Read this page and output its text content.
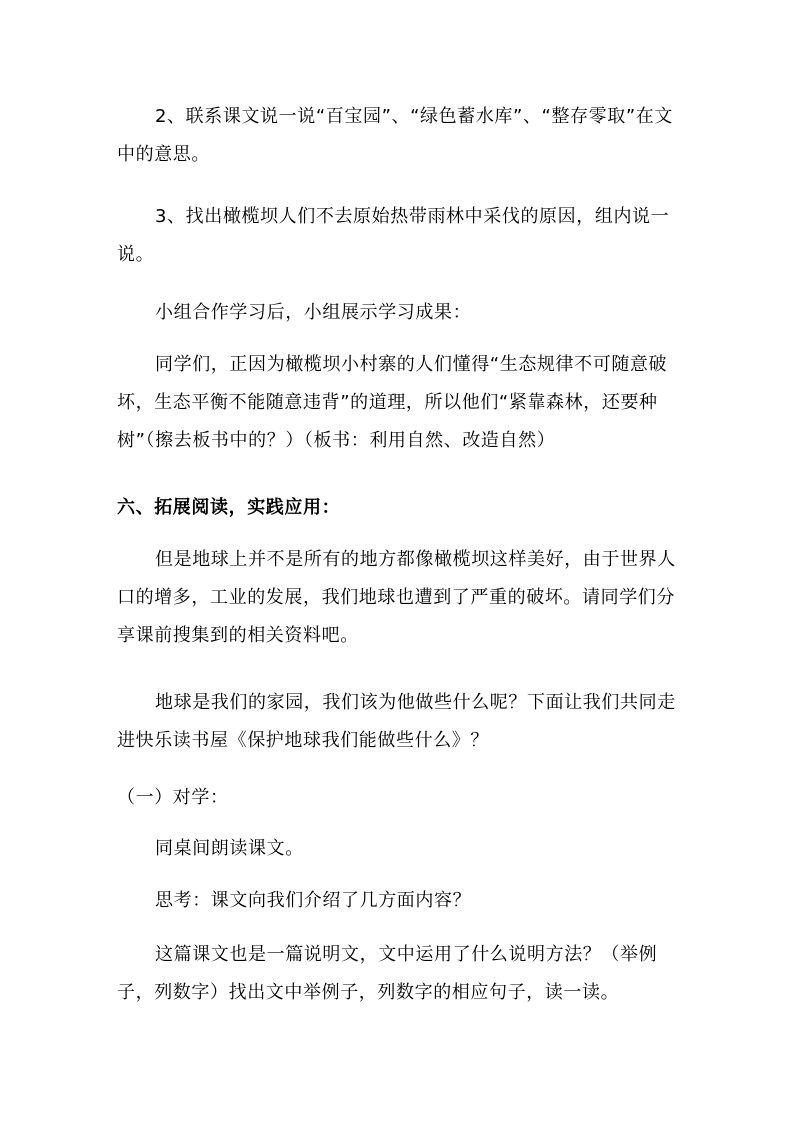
2、联系课文说一说“百宝园”、“绿色蓄水库”、“整存零取”在文中的意思。

3、找出橄榄坝人们不去原始热带雨林中采伐的原因，组内说一说。

小组合作学习后，小组展示学习成果：

同学们，正因为橄榄坝小村寨的人们懂得“生态规律不可随意破坏，生态平衡不能随意违背”的道理，所以他们“紧靠森林，还要种树”（擦去板书中的？）（板书：利用自然、改造自然）

六、拓展阅读，实践应用：

但是地球上并不是所有的地方都像橄榄坝这样美好，由于世界人口的增多，工业的发展，我们地球也遭到了严重的破坏。请同学们分享课前搜集到的相关资料吧。

地球是我们的家园，我们该为他做些什么呢？下面让我们共同走进快乐读书屋《保护地球我们能做些什么》？

（一）对学：

同桌间朗读课文。

思考：课文向我们介绍了几方面内容？

这篇课文也是一篇说明文，文中运用了什么说明方法？（举例子，列数字）找出文中举例子，列数字的相应句子，读一读。
